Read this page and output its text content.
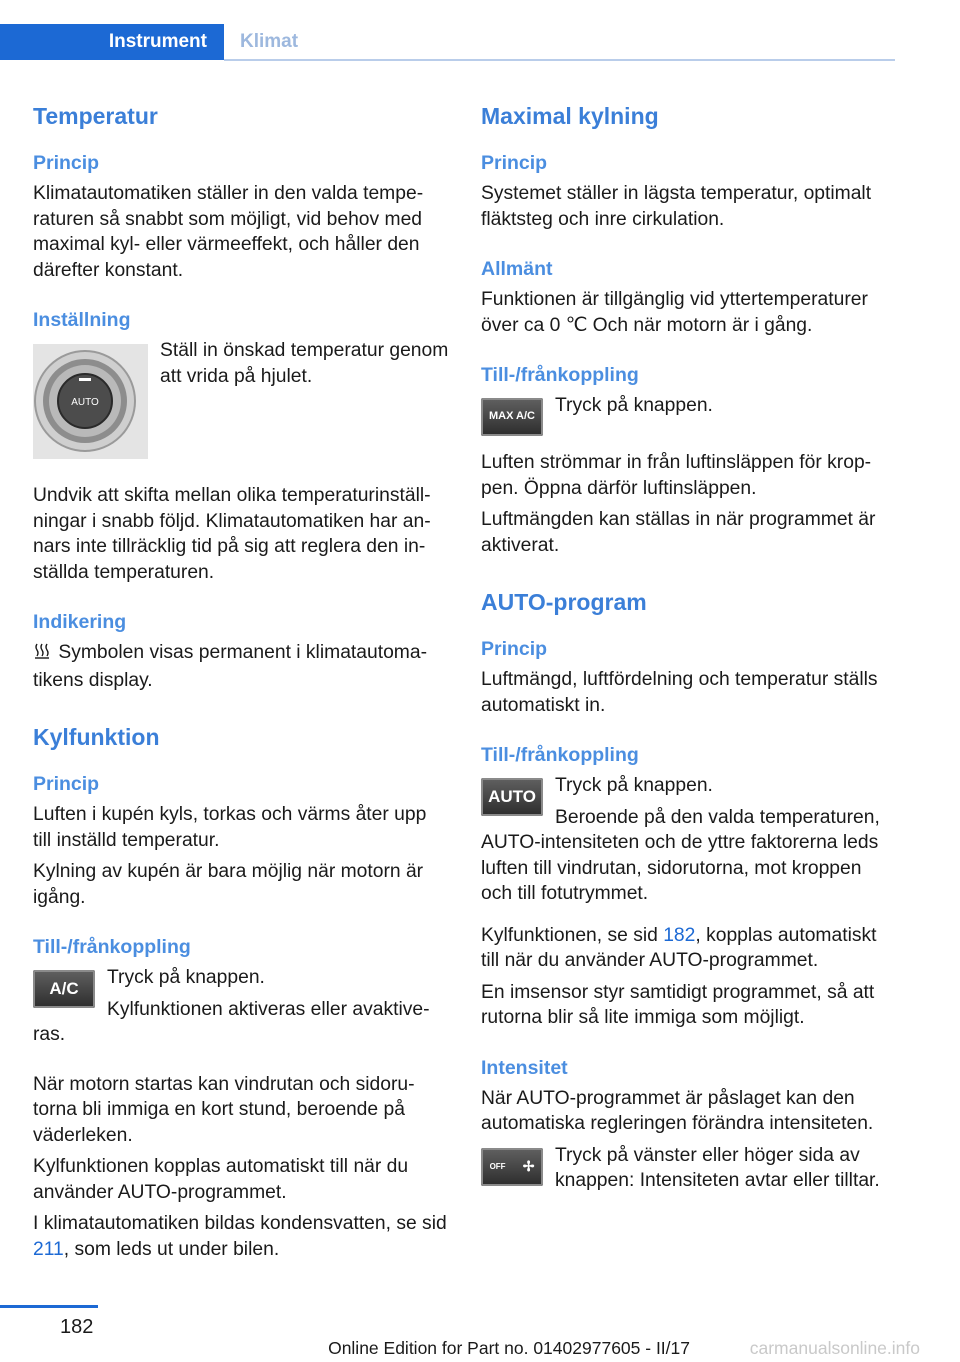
Instrument Klimat
Temperatur
Princip

Klimatautomatiken ställer in den valda temperaturen så snabbt som möjligt, vid behov med maximal kyl- eller värmeeffekt, och håller den därefter konstant.

Inställning
AUTO

Ställ in önskad temperatur genom att vrida på hjulet.

Undvik att skifta mellan olika temperaturinställningar i snabb följd. Klimatautomatiken har annars inte tillräcklig tid på sig att reglera den inställda temperaturen.

Indikering

Symbolen visas permanent i klimatautomatikens display.

Kylfunktion
Princip

Luften i kupén kyls, torkas och värms åter upp till inställd temperatur.

Kylning av kupén är bara möjlig när motorn är igång.

Till-/frånkoppling
A/C

Tryck på knappen.

Kylfunktionen aktiveras eller avaktiveras.

När motorn startas kan vindrutan och sidorutorna bli immiga en kort stund, beroende på väderleken.

Kylfunktionen kopplas automatiskt till när du använder AUTO-programmet.

I klimatautomatiken bildas kondensvatten, se sid 211, som leds ut under bilen.

Maximal kylning
Princip

Systemet ställer in lägsta temperatur, optimalt fläktsteg och inre cirkulation.

Allmänt

Funktionen är tillgänglig vid yttertemperaturer över ca 0 ℃ Och när motorn är i gång.

Till-/frånkoppling
MAX A/C

Tryck på knappen.

Luften strömmar in från luftinsläppen för kroppen. Öppna därför luftinsläppen.

Luftmängden kan ställas in när programmet är aktiverat.

AUTO-program
Princip

Luftmängd, luftfördelning och temperatur ställs automatiskt in.

Till-/frånkoppling
AUTO

Tryck på knappen.

Beroende på den valda temperaturen, AUTO-intensiteten och de yttre faktorerna leds luften till vindrutan, sidorutorna, mot kroppen och till fotutrymmet.

Kylfunktionen, se sid 182, kopplas automatiskt till när du använder AUTO-programmet.

En imsensor styr samtidigt programmet, så att rutorna blir så lite immiga som möjligt.

Intensitet

När AUTO-programmet är påslaget kan den automatiska regleringen förändra intensiteten.

OFF ✢

Tryck på vänster eller höger sida av knappen: Intensiteten avtar eller tilltar.

182
Online Edition for Part no. 01402977605 - II/17	carmanualsonline.info
